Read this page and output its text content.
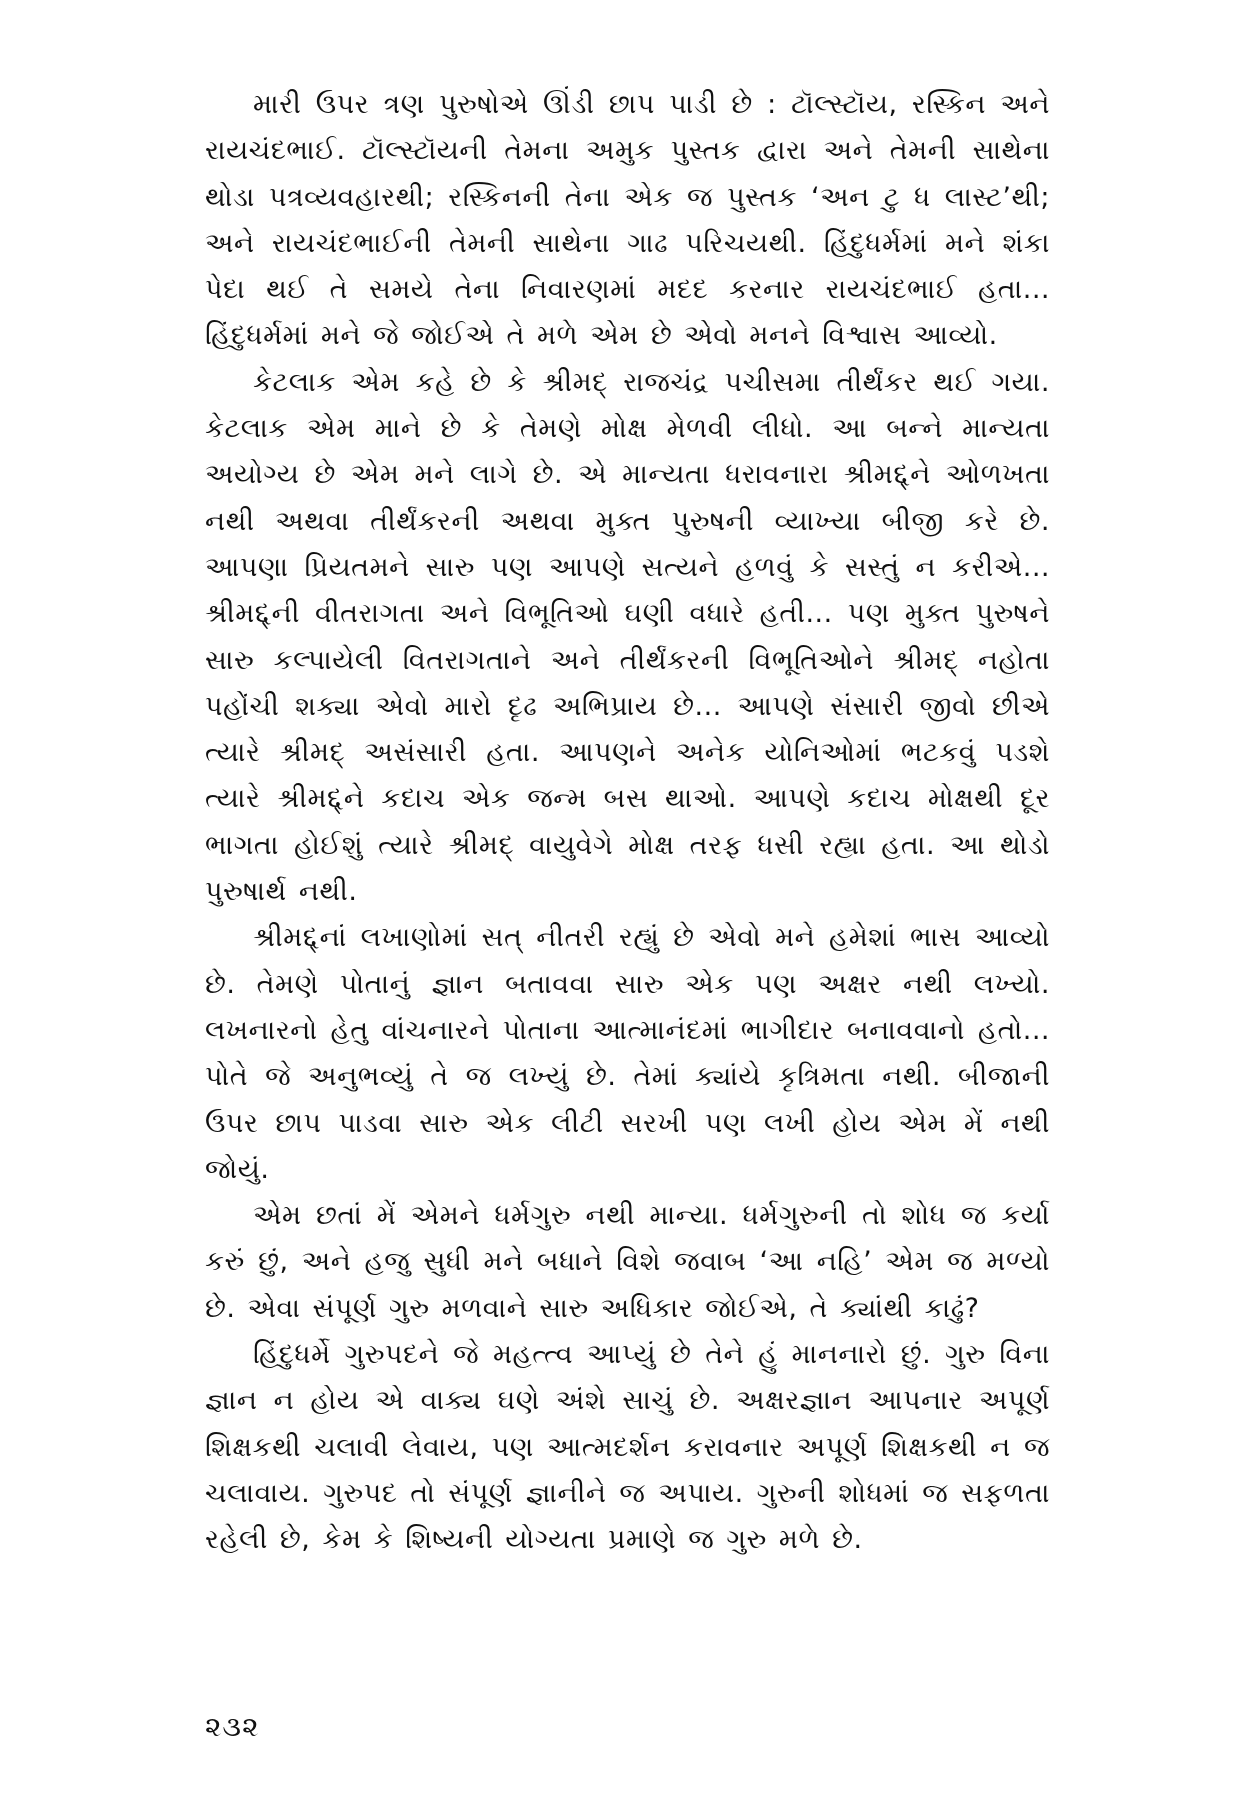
મારી ઉપર ત્રણ પુરુષોએ ઊંડી છાપ પાડી છે : ટૉલ્સ્ટૉય, રસ્કિન અને રાયચંદભાઈ. ટૉલ્સ્ટૉયની તેમના અમુક પુસ્તક દ્વારા અને તેમની સાથેના થોડા પત્રવ્યવહારથી; રસ્કિનની તેના એક જ પુસ્તક ‘અન ટુ ધ લાસ્ટ’થી; અને રાયચંદભાઈની તેમની સાથેના ગાઢ પરિચયથી. હિંદુધર્મમાં મને શંકા પેદા થઈ તે સમયે તેના નિવારણમાં મદદ કરનાર રાયચંદભાઈ હતા... હિંદુધર્મમાં મને જે જોઈએ તે મળે એમ છે એવો મનને વિશ્વાસ આવ્યો.

કેટલાક એમ કહે છે કે શ્રીમદ્ રાજચંદ્ર પચીસમા તીર્થંકર થઈ ગયા. કેટલાક એમ માને છે કે તેમણે મોક્ષ મેળવી લીધો. આ બન્ને માન્યતા અયોગ્ય છે એમ મને લાગે છે. એ માન્યતા ધરાવનારા શ્રીમદ્દ્ને ઓળખતા નથી અથવા તીર્થંકરની અથવા મુક્ત પુરુષની વ્યાખ્યા બીજી કરે છે. આપણા પ્રિયતમને સારુ પણ આપણે સત્યને હળવું કે સસ્તું ન કરીએ... શ્રીમદ્દ્ની વીતરાગતા અને વિભૂતિઓ ઘણી વધારે હતી... પણ મુક્ત પુરુષને સારુ કલ્પાયેલી વિતરાગતાને અને તીર્થંકરની વિભૂતિઓને શ્રીમદ્ નહોતા પહોંચી શક્યા એવો મારો દૃઢ અભિપ્રાય છે... આપણે સંસારી જીવો છીએ ત્યારે શ્રીમદ્ અસંસારી હતા. આપણને અનેક યોનિઓમાં ભટકવું પડશે ત્યારે શ્રીમદ્દ્ને કદાચ એક જન્મ બસ થાઓ. આપણે કદાચ મોક્ષથી દૂર ભાગતા હોઈશું ત્યારે શ્રીમદ્ વાયુવેગે મોક્ષ તરફ ધસી રહ્યા હતા. આ થોડો પુરુષાર્થ નથી.

શ્રીમદ્દ્નાં લખાણોમાં સત્ નીતરી રહ્યું છે એવો મને હમેશાં ભાસ આવ્યો છે. તેમણે પોતાનું જ્ઞાન બતાવવા સારુ એક પણ અક્ષર નથી લખ્યો. લખનારનો હેતુ વાંચનારને પોતાના આત્માનંદમાં ભાગીદાર બનાવવાનો હતો... પોતે જે અનુભવ્યું તે જ લખ્યું છે. તેમાં ક્યાંયે કૃત્રિમતા નથી. બીજાની ઉપર છાપ પાડવા સારુ એક લીટી સરખી પણ લખી હોય એમ મેં નથી જોયું.

એમ છતાં મેં એમને ધર્મગુરુ નથી માન્યા. ધર્મગુરુની તો શોધ જ કર્યા કરું છું, અને હજુ સુધી મને બધાને વિશે જવાબ ‘આ નહિ’ એમ જ મળ્યો છે. એવા સંપૂર્ણ ગુરુ મળવાને સારુ અધિકાર જોઈએ, તે ક્યાંથી કાઢું?

હિંદુધર્મે ગુરુપદને જે મહત્ત્વ આપ્યું છે તેને હું માનનારો છું. ગુરુ વિના જ્ઞાન ન હોય એ વાક્ય ઘણે અંશે સાચું છે. અક્ષરજ્ઞાન આપનાર અપૂર્ણ શિક્ષકથી ચલાવી લેવાય, પણ આત્મદર્શન કરાવનાર અપૂર્ણ શિક્ષકથી ન જ ચલાવાય. ગુરુપદ તો સંપૂર્ણ જ્ઞાનીને જ અપાય. ગુરુની શોધમાં જ સફળતા રહેલી છે, કેમ કે શિષ્યની યોગ્યતા પ્રમાણે જ ગુરુ મળે છે.

૨૩૨
